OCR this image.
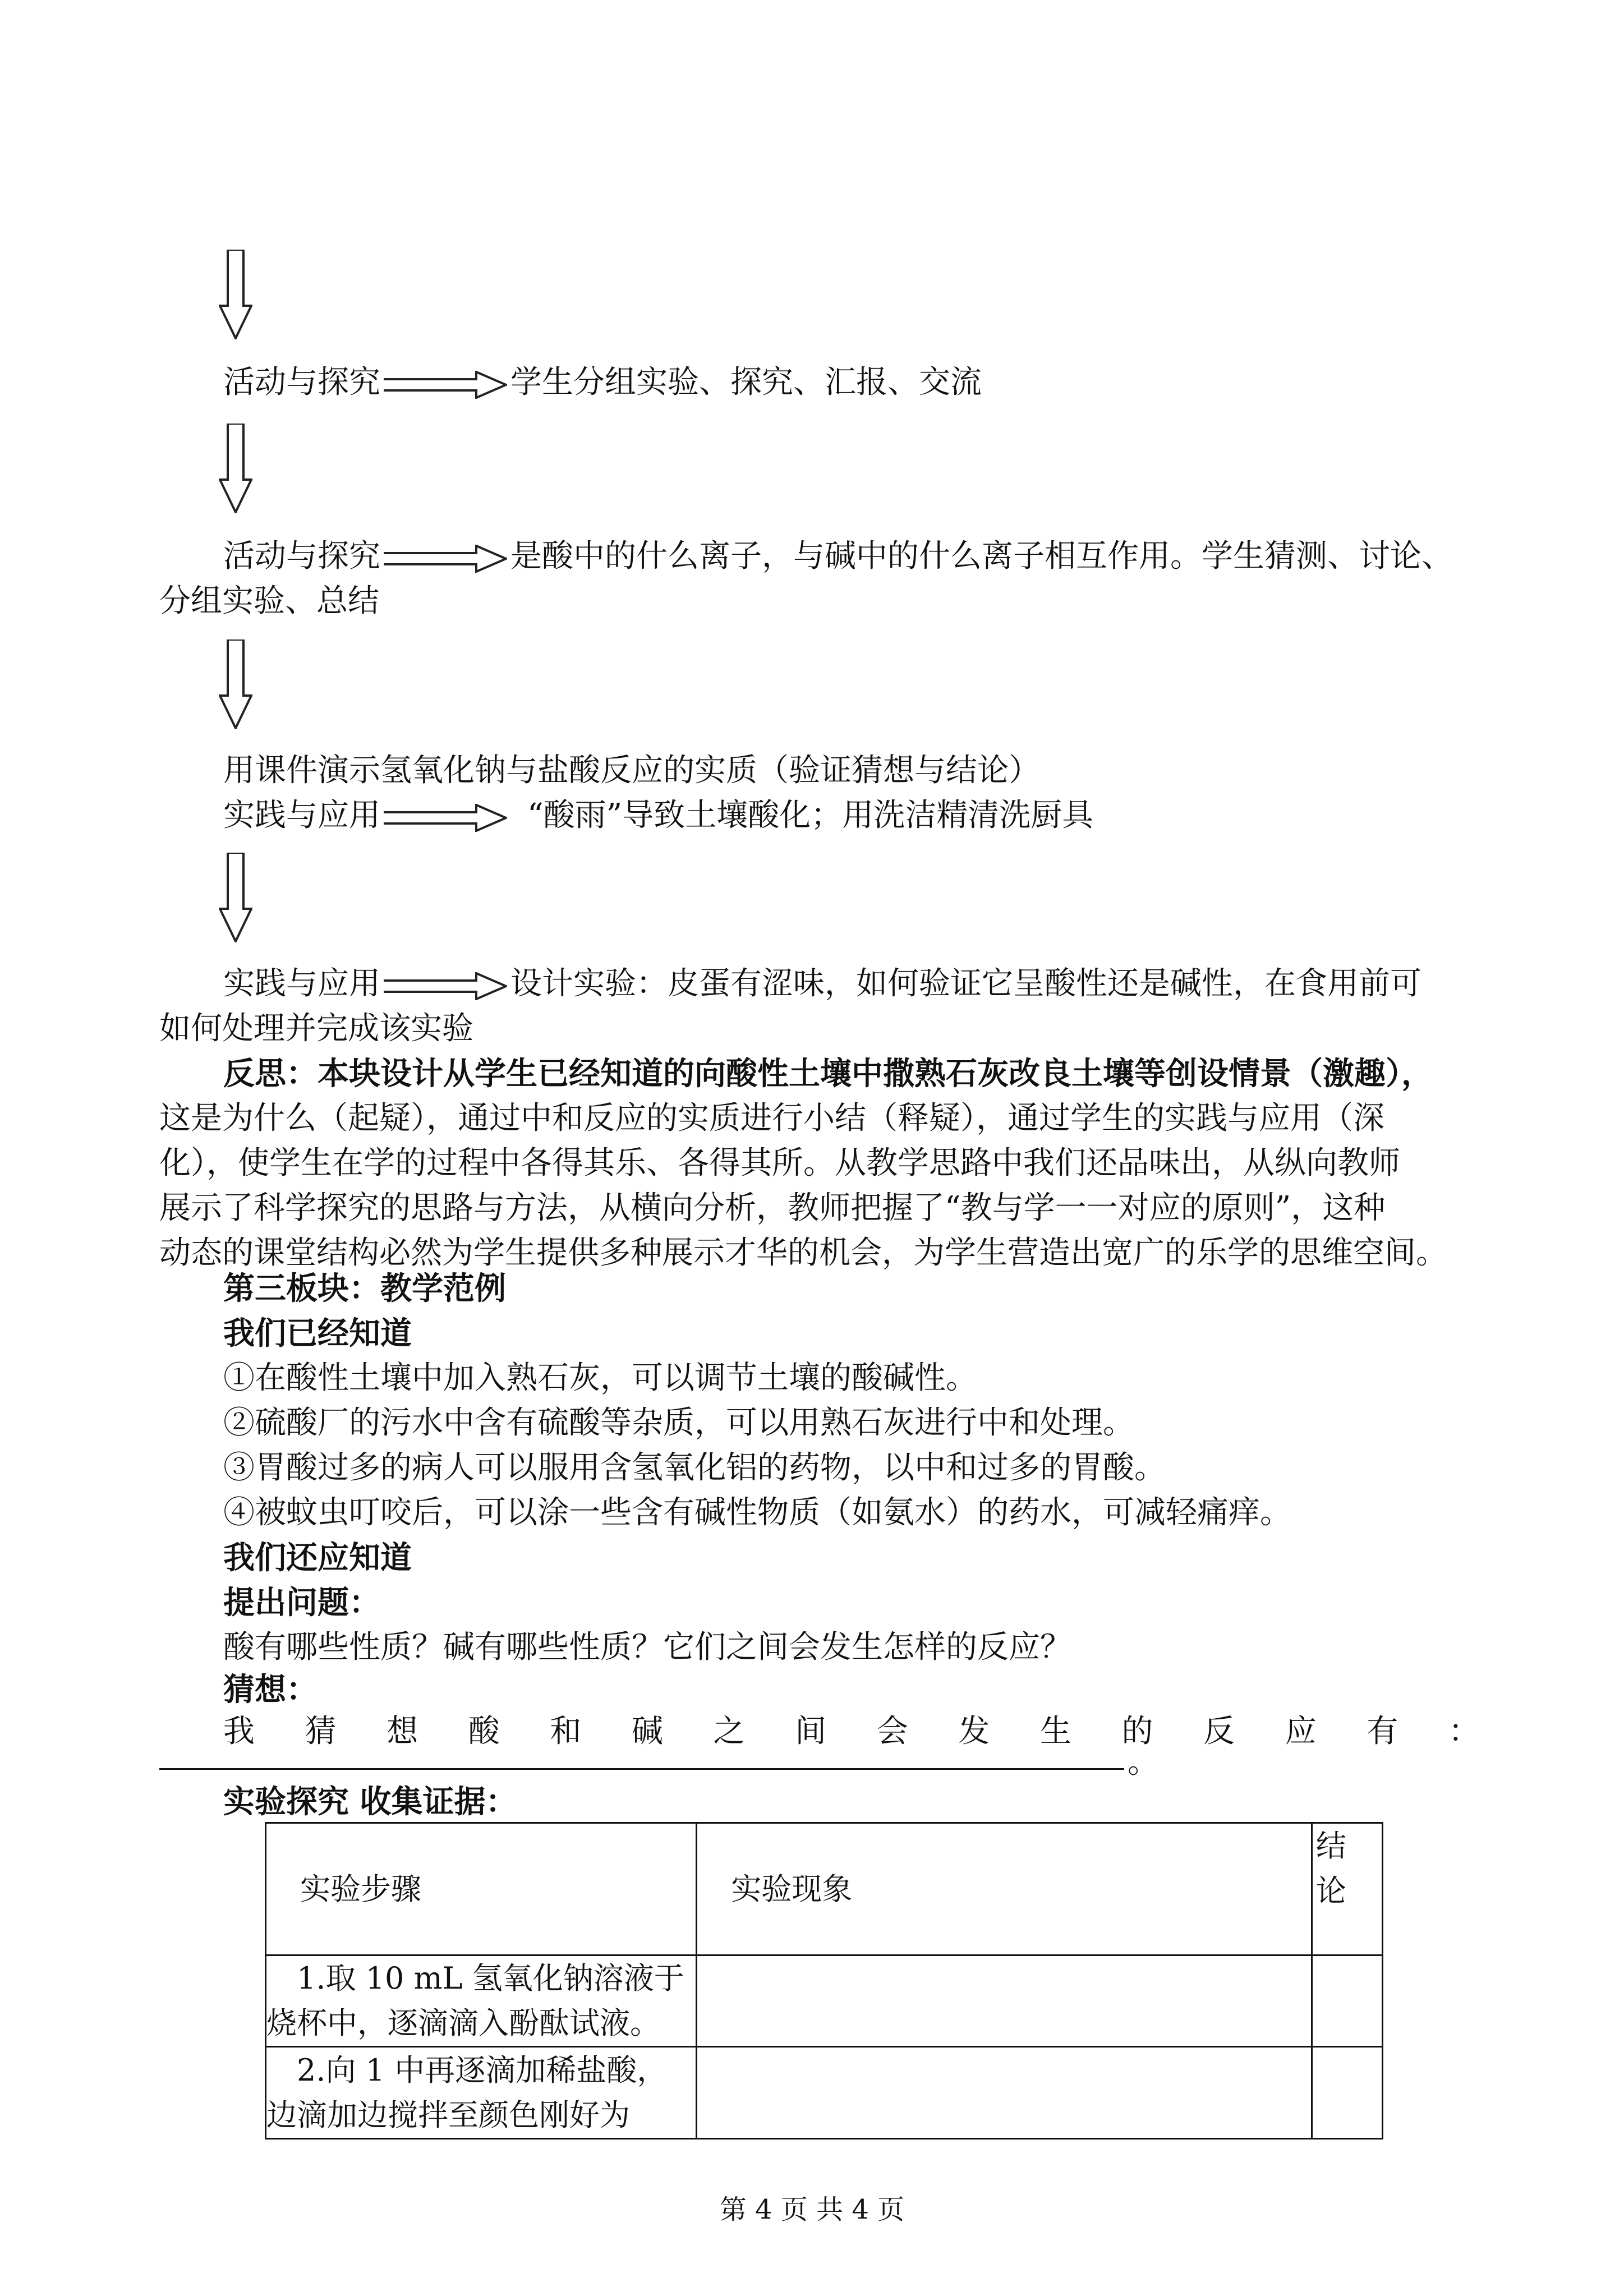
活动与探究	学生分组实验、探究、汇报、交流
活动与探究	是酸中的什么离子，与碱中的什么离子相互作用。学生猜测、讨论、
分组实验、总结
用课件演示氢氧化钠与盐酸反应的实质（验证猜想与结论）
实践与应用	“酸雨”导致土壤酸化；用洗洁精清洗厨具
实践与应用	设计实验：皮蛋有涩味，如何验证它呈酸性还是碱性，在食用前可
如何处理并完成该实验
反思：本块设计从学生已经知道的向酸性土壤中撒熟石灰改良土壤等创设情景（激趣），
这是为什么（起疑），通过中和反应的实质进行小结（释疑），通过学生的实践与应用（深
化），使学生在学的过程中各得其乐、各得其所。从教学思路中我们还品味出，从纵向教师
展示了科学探究的思路与方法，从横向分析，教师把握了“教与学一一对应的原则”，这种
动态的课堂结构必然为学生提供多种展示才华的机会，为学生营造出宽广的乐学的思维空间。
第三板块：教学范例
我们已经知道
①在酸性土壤中加入熟石灰，可以调节土壤的酸碱性。
②硫酸厂的污水中含有硫酸等杂质，可以用熟石灰进行中和处理。
③胃酸过多的病人可以服用含氢氧化铝的药物，以中和过多的胃酸。
④被蚊虫叮咬后，可以涂一些含有碱性物质（如氨水）的药水，可减轻痛痒。
我们还应知道
提出问题：
酸有哪些性质？碱有哪些性质？它们之间会发生怎样的反应？
猜想：
我 猜 想 酸 和 碱 之 间 会 发 生 的 反 应 有 ：
。
实验探究 收集证据：
实验步骤	实验现象	结
论
1.取 10 mL 氢氧化钠溶液于烧杯中，逐滴滴入酚酞试液。		
2.向 1 中再逐滴加稀盐酸，边滴加边搅拌至颜色刚好为		
第 4 页 共 4 页
